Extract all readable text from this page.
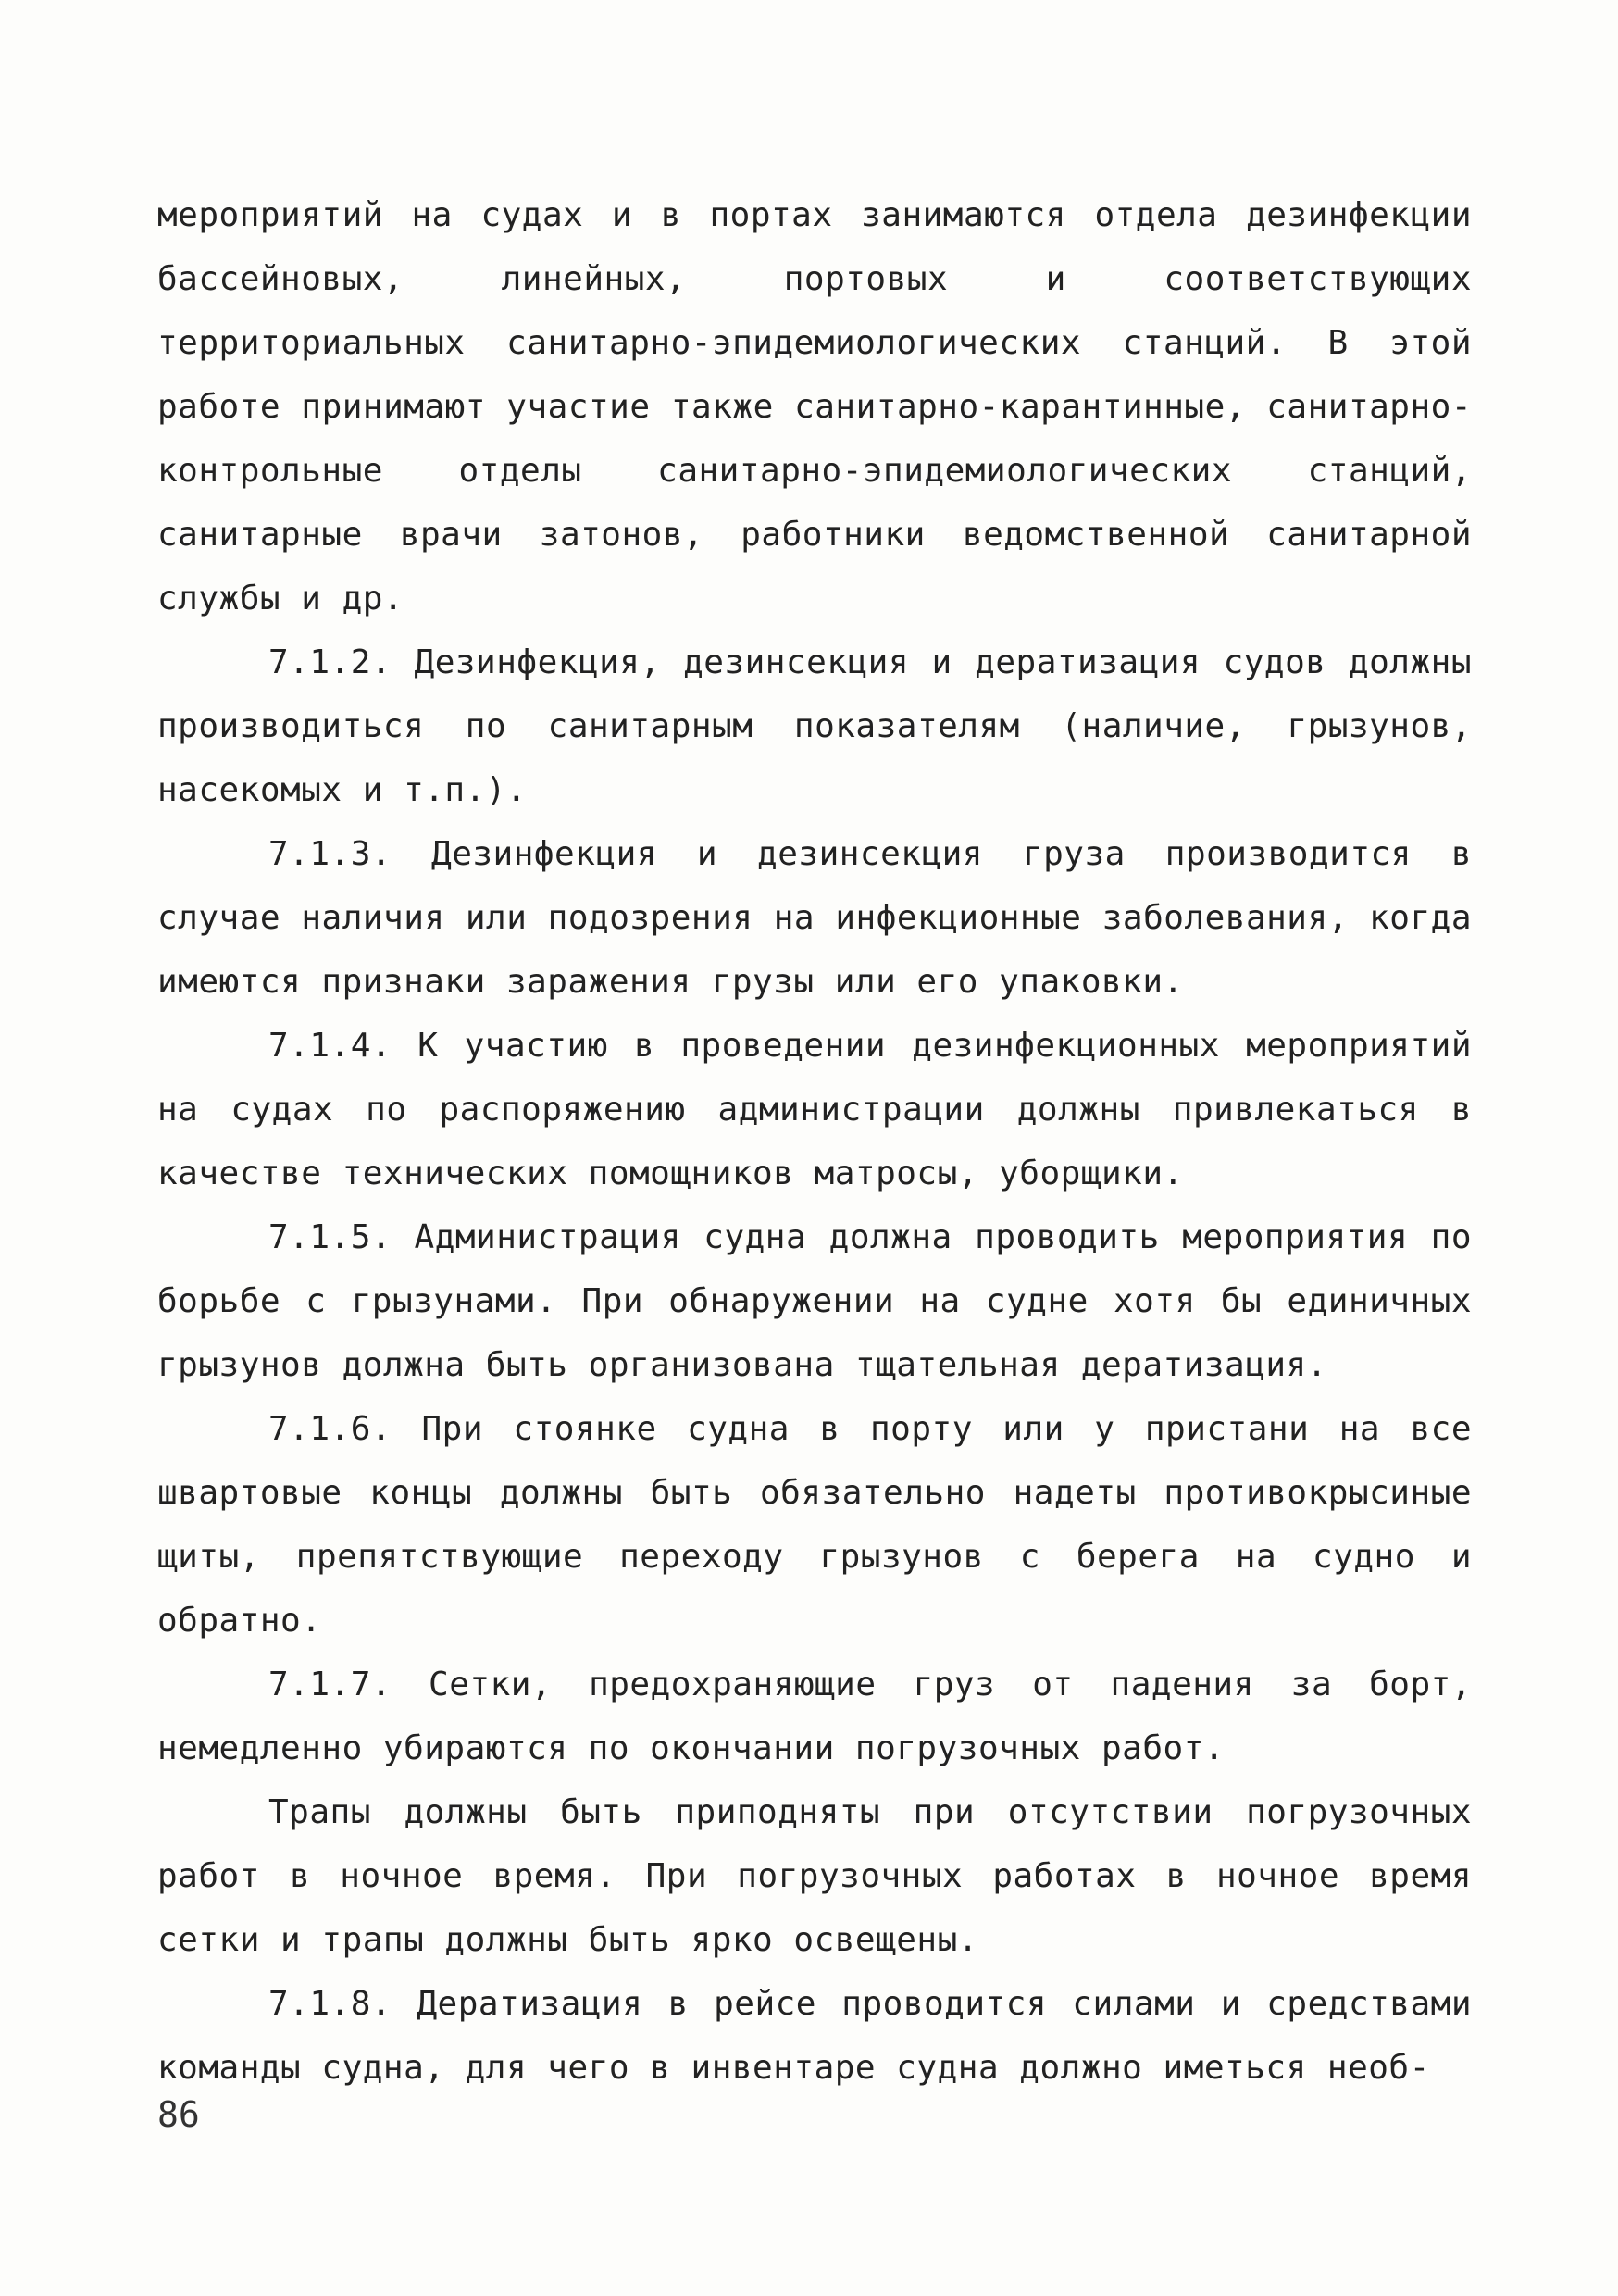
мероприятий на судах и в портах занимаются отдела дезинфекции бассейновых, линейных, портовых и соответствующих территориальных санитарно-эпидемиологических станций. В этой работе принимают участие также санитарно-карантинные, санитарно-контрольные отделы санитарно-эпидемиологических станций, санитарные врачи затонов, работники ведомственной санитарной службы и др.

7.1.2. Дезинфекция, дезинсекция и дератизация судов должны производиться по санитарным показателям (наличие, грызунов, насекомых и т.п.).

7.1.3. Дезинфекция и дезинсекция груза производится в случае наличия или подозрения на инфекционные заболевания, когда имеются признаки заражения грузы или его упаковки.

7.1.4. К участию в проведении дезинфекционных мероприятий на судах по распоряжению администрации должны привлекаться в качестве технических помощников матросы, уборщики.

7.1.5. Администрация судна должна проводить мероприятия по борьбе с грызунами. При обнаружении на судне хотя бы единичных грызунов должна быть организована тщательная дератизация.

7.1.6. При стоянке судна в порту или у пристани на все швартовые концы должны быть обязательно надеты противокрысиные щиты, препятствующие переходу грызунов с берега на судно и обратно.

7.1.7. Сетки, предохраняющие груз от падения за борт, немедленно убираются по окончании погрузочных работ.

Трапы должны быть приподняты при отсутствии погрузочных работ в ночное время. При погрузочных работах в ночное время сетки и трапы должны быть ярко освещены.

7.1.8. Дератизация в рейсе проводится силами и средствами команды судна, для чего в инвентаре судна должно иметься необ-

86
